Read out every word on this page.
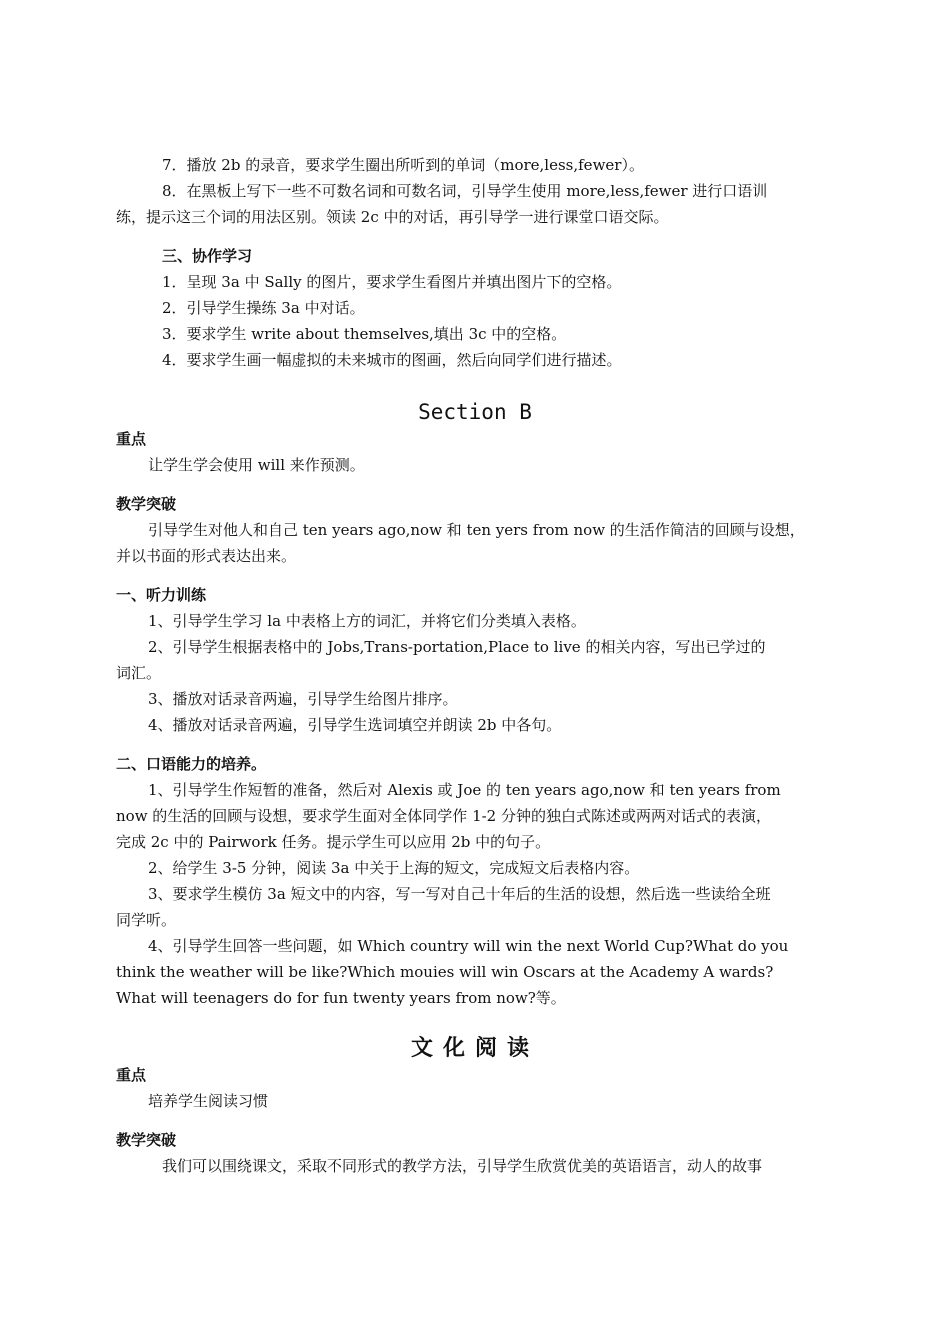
7．播放 2b 的录音，要求学生圈出所听到的单词（more,less,fewer）。
8．在黑板上写下一些不可数名词和可数名词，引导学生使用 more,less,fewer 进行口语训
练，提示这三个词的用法区别。领读 2c 中的对话，再引导学一进行课堂口语交际。
三、协作学习
1．呈现 3a 中 Sally 的图片，要求学生看图片并填出图片下的空格。
2．引导学生操练 3a 中对话。
3．要求学生 write about themselves,填出 3c 中的空格。
4．要求学生画一幅虚拟的未来城市的图画，然后向同学们进行描述。
Section B
重点
让学生学会使用 will 来作预测。
教学突破
引导学生对他人和自己 ten years ago,now 和 ten yers from now 的生活作简洁的回顾与设想，
并以书面的形式表达出来。
一、听力训练
1、引导学生学习 la 中表格上方的词汇，并将它们分类填入表格。
2、引导学生根据表格中的 Jobs,Trans-portation,Place to live 的相关内容，写出已学过的
词汇。
3、播放对话录音两遍，引导学生给图片排序。
4、播放对话录音两遍，引导学生选词填空并朗读 2b 中各句。
二、口语能力的培养。
1、引导学生作短暂的准备，然后对 Alexis 或 Joe 的 ten years ago,now 和 ten years from
now 的生活的回顾与设想，要求学生面对全体同学作 1-2 分钟的独白式陈述或两两对话式的表演，
完成 2c 中的 Pairwork 任务。提示学生可以应用 2b 中的句子。
2、给学生 3-5 分钟，阅读 3a 中关于上海的短文，完成短文后表格内容。
3、要求学生模仿 3a 短文中的内容，写一写对自己十年后的生活的设想，然后选一些读给全班
同学听。
4、引导学生回答一些问题，如 Which country will win the next World Cup?What do you
think the weather will be like?Which mouies will win Oscars at the Academy A wards?
What will teenagers do for fun twenty years from now?等。
文化阅读
重点
培养学生阅读习惯
教学突破
我们可以围绕课文，采取不同形式的教学方法，引导学生欣赏优美的英语语言，动人的故事
